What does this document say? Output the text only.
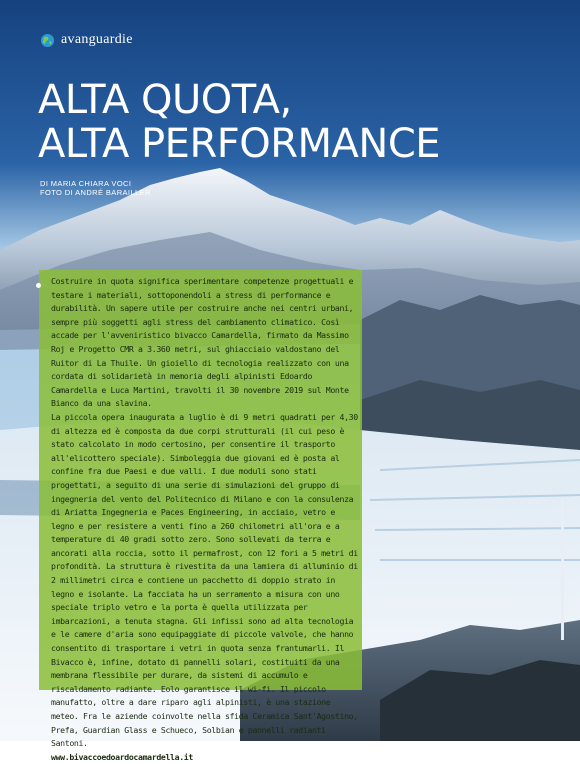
avanguardie
ALTA QUOTA,
ALTA PERFORMANCE
DI MARIA CHIARA VOCI
FOTO DI ANDRÉ BARAILLER

Costruire in quota significa sperimentare competenze progettuali e testare i materiali, sottoponendoli a stress di performance e durabilità. Un sapere utile per costruire anche nei centri urbani, sempre più soggetti agli stress del cambiamento climatico. Così accade per l'avveniristico bivacco Camardella, firmato da Massimo Roj e Progetto CMR a 3.360 metri, sul ghiacciaio valdostano del Ruitor di La Thuile. Un gioiello di tecnologia realizzato con una cordata di solidarietà in memoria degli alpinisti Edoardo Camardella e Luca Martini, travolti il 30 novembre 2019 sul Monte Bianco da una slavina.

La piccola opera inaugurata a luglio è di 9 metri quadrati per 4,30 di altezza ed è composta da due corpi strutturali (il cui peso è stato calcolato in modo certosino, per consentire il trasporto all'elicottero speciale). Simboleggia due giovani ed è posta al confine fra due Paesi e due valli. I due moduli sono stati progettati, a seguito di una serie di simulazioni del gruppo di ingegneria del vento del Politecnico di Milano e con la consulenza di Ariatta Ingegneria e Paces Engineering, in acciaio, vetro e legno e per resistere a venti fino a 260 chilometri all'ora e a temperature di 40 gradi sotto zero. Sono sollevati da terra e ancorati alla roccia, sotto il permafrost, con 12 fori a 5 metri di profondità. La struttura è rivestita da una lamiera di alluminio di 2 millimetri circa e contiene un pacchetto di doppio strato in legno e isolante. La facciata ha un serramento a misura con uno speciale triplo vetro e la porta è quella utilizzata per imbarcazioni, a tenuta stagna. Gli infissi sono ad alta tecnologia e le camere d'aria sono equipaggiate di piccole valvole, che hanno consentito di trasportare i vetri in quota senza frantumarli. Il Bivacco è, infine, dotato di pannelli solari, costituiti da una membrana flessibile per durare, da sistemi di accumulo e riscaldamento radiante. Eolo garantisce il wi-fi. Il piccolo manufatto, oltre a dare riparo agli alpinisti, è una stazione meteo. Fra le aziende coinvolte nella sfida Ceramica Sant'Agostino, Prefa, Guardian Glass e Schueco, Solbian e pannelli radianti Santoni.

www.bivaccoedoardocamardella.it
